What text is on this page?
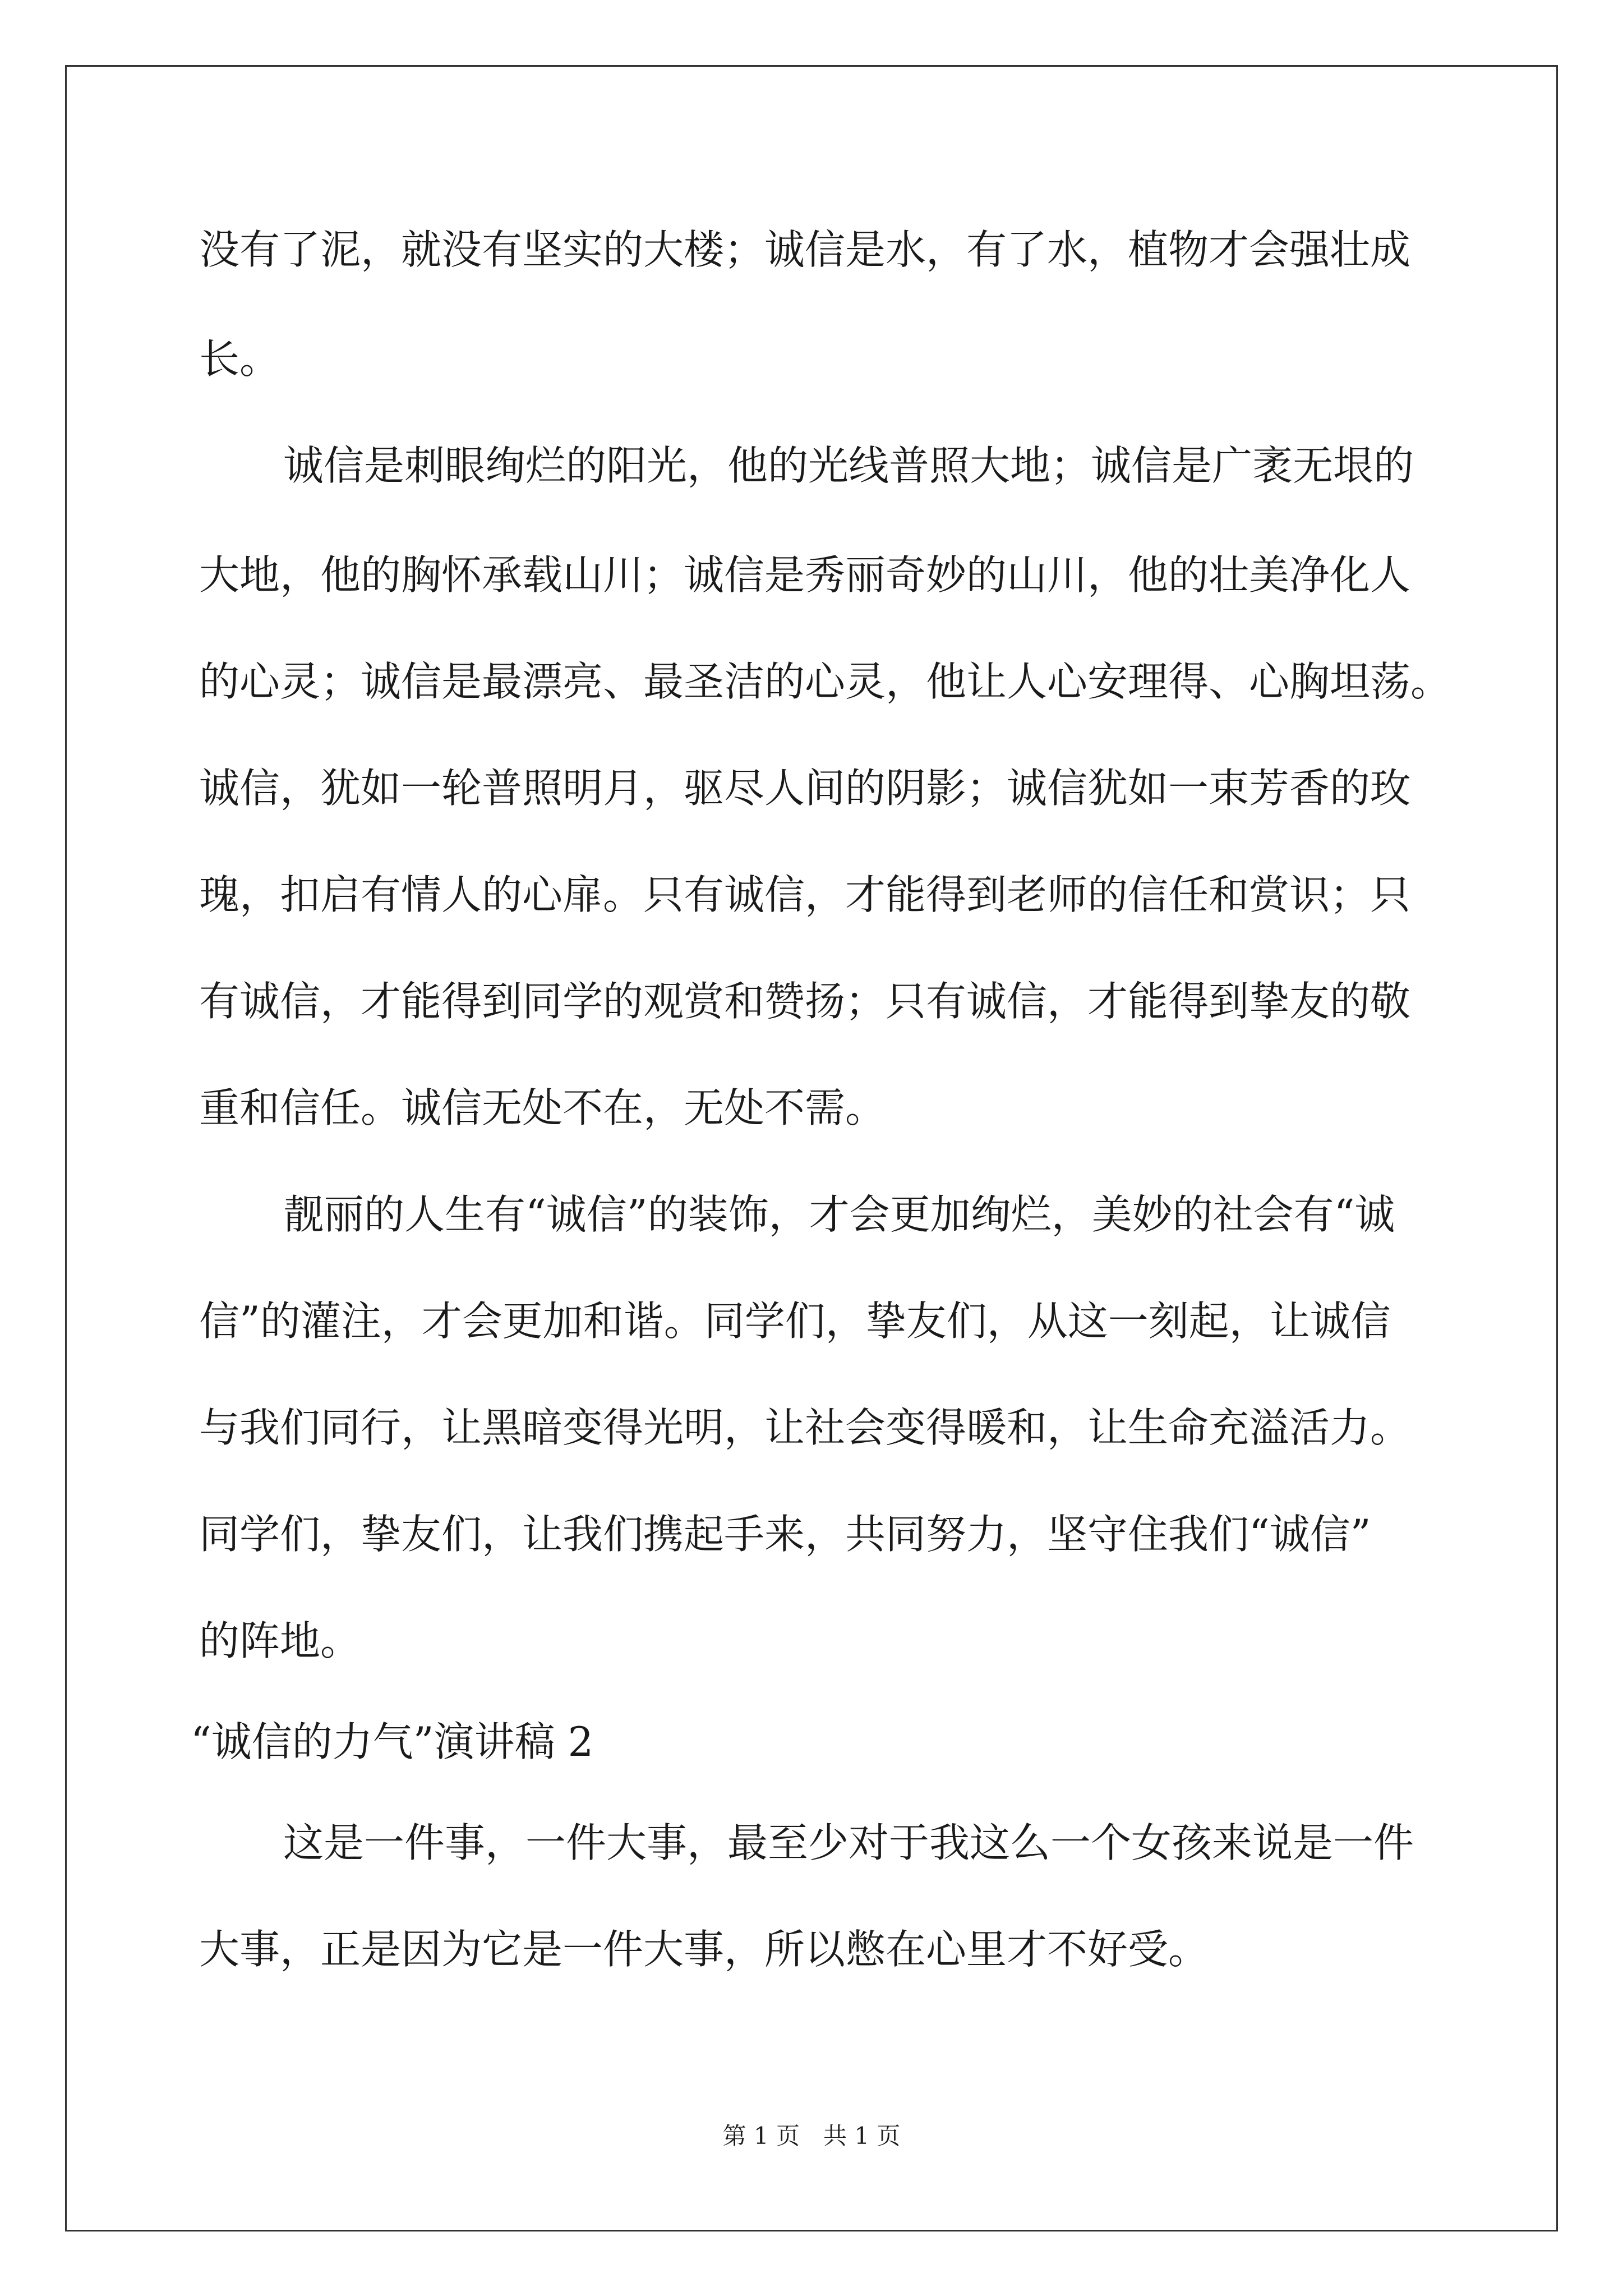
没有了泥，就没有坚实的大楼；诚信是水，有了水，植物才会强壮成

长。

诚信是刺眼绚烂的阳光，他的光线普照大地；诚信是广袤无垠的

大地，他的胸怀承载山川；诚信是秀丽奇妙的山川，他的壮美净化人

的心灵；诚信是最漂亮、最圣洁的心灵，他让人心安理得、心胸坦荡。

诚信，犹如一轮普照明月，驱尽人间的阴影；诚信犹如一束芳香的玫

瑰，扣启有情人的心扉。只有诚信，才能得到老师的信任和赏识；只

有诚信，才能得到同学的观赏和赞扬；只有诚信，才能得到挚友的敬

重和信任。诚信无处不在，无处不需。

靓丽的人生有“诚信”的装饰，才会更加绚烂，美妙的社会有“诚

信”的灌注，才会更加和谐。同学们，挚友们，从这一刻起，让诚信

与我们同行，让黑暗变得光明，让社会变得暖和，让生命充溢活力。

同学们，挚友们，让我们携起手来，共同努力，坚守住我们“诚信”

的阵地。

“诚信的力气”演讲稿 2

这是一件事，一件大事，最至少对于我这么一个女孩来说是一件

大事，正是因为它是一件大事，所以憋在心里才不好受。

第 1 页　共 1 页
